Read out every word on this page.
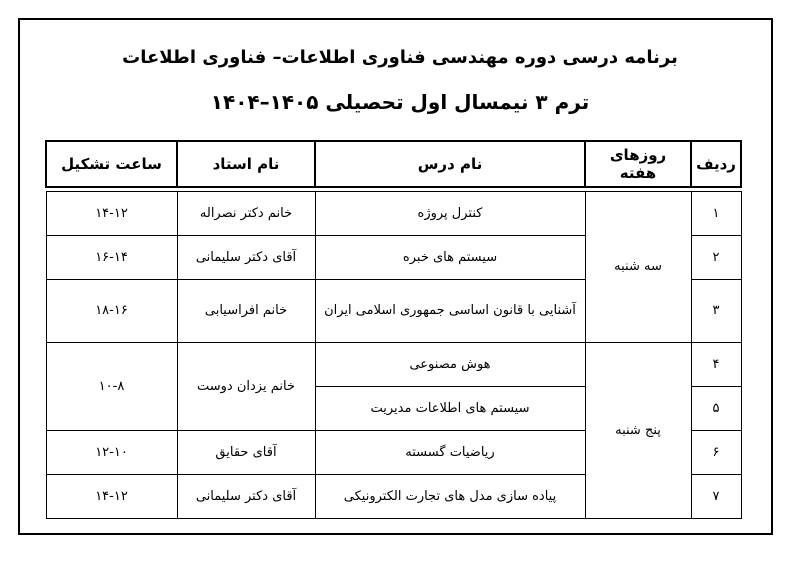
برنامه درسی دوره مهندسی فناوری اطلاعات– فناوری اطلاعات
ترم ۳ نیمسال اول تحصیلی ۱۴۰۵–۱۴۰۴
ردیف	روزهای هفته	نام درس	نام استاد	ساعت تشکیل

۱	سه شنبه	کنترل پروژه	خانم دکتر نصراله	۱۴-۱۲
۲		سیستم های خبره	آقای دکتر سلیمانی	۱۶-۱۴
۳		آشنایی با قانون اساسی جمهوری اسلامی ایران	خانم افراسیابی	۱۸-۱۶
۴	پنج شنبه	هوش مصنوعی	خانم یزدان دوست	۱۰-۸
۵		سیستم های اطلاعات مدیریت		
۶		ریاضیات گسسته	آقای حقایق	۱۲-۱۰
۷		پیاده سازی مدل های تجارت الکترونیکی	آقای دکتر سلیمانی	۱۴-۱۲
